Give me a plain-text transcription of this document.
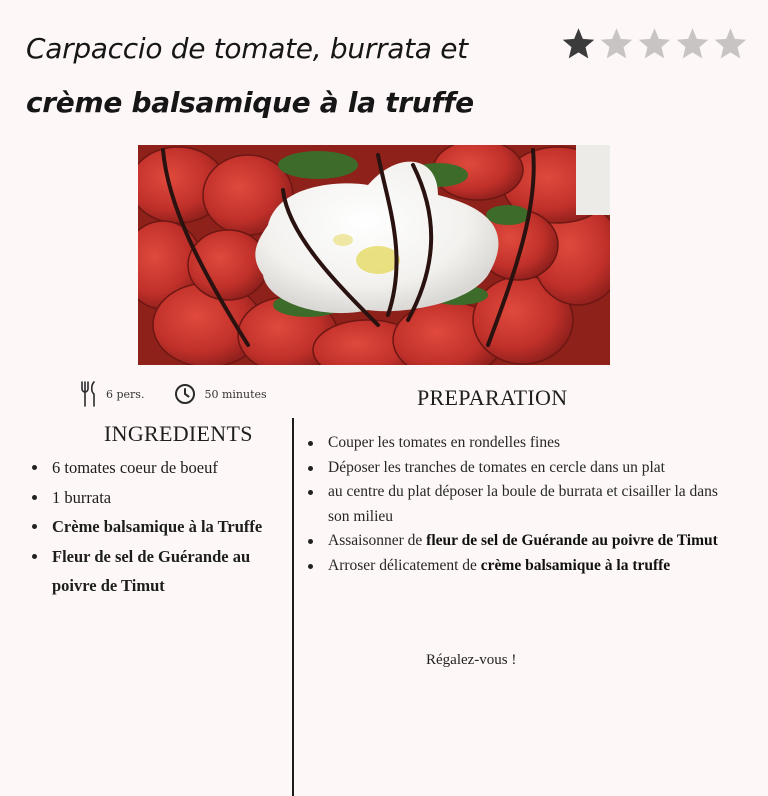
Carpaccio de tomate, burrata et
crème balsamique à la truffe
6 pers.	50 minutes	PREPARATION
INGREDIENTS
6 tomates coeur de boeuf
1 burrata
Crème balsamique à la Truffe
Fleur de sel de Guérande au poivre de Timut
Couper les tomates en rondelles fines
Déposer les tranches de tomates en cercle dans un plat
au centre du plat déposer la boule de burrata et cisailler la dans son milieu
Assaisonner de fleur de sel de Guérande au poivre de Timut
Arroser délicatement de crème balsamique à la truffe

Régalez-vous !
